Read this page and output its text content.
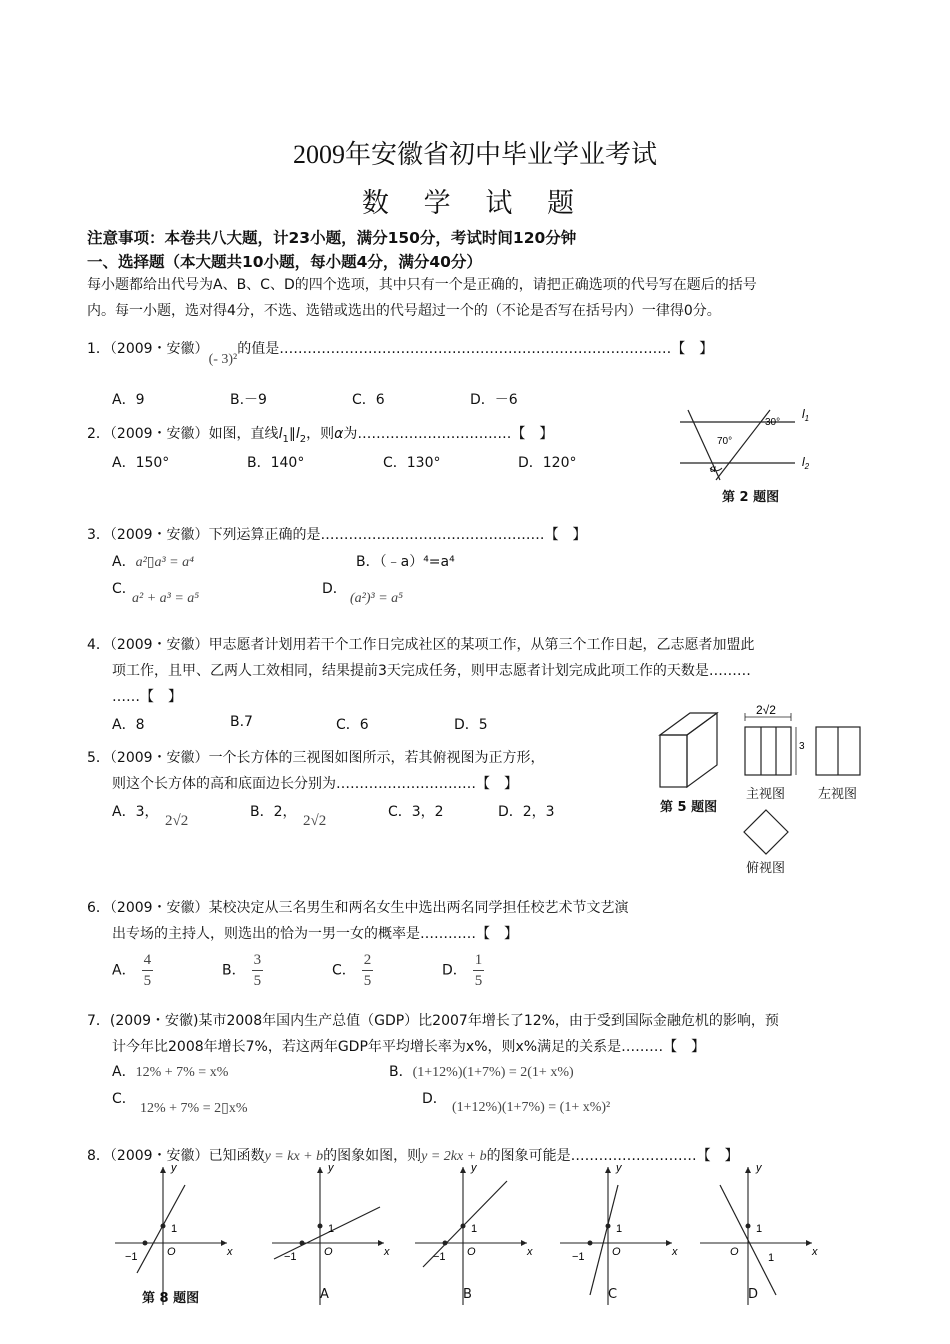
2009年安徽省初中毕业学业考试
数 学 试 题
注意事项：本卷共八大题，计23小题，满分150分，考试时间120分钟
一、选择题（本大题共10小题，每小题4分，满分40分）
每小题都给出代号为A、B、C、D的四个选项，其中只有一个是正确的，请把正确选项的代号写在题后的括号
内。每一小题，选对得4分，不选、选错或选出的代号超过一个的（不论是否写在括号内）一律得0分。
1．（2009・安徽）(- 3)²的值是…………………………………………………………………………【　】
A．9	B.－9	C．6	D．－6
2．（2009・安徽）如图，直线$l_1\parallel l_2$，则α为……………………………【　】
A．150°	B．140°	C．130°	D．120°
70°
30°
α
$l_1$
$l_2$
第 2 题图
3．（2009・安徽）下列运算正确的是…………………………………………【　】
A．a²▯a³ = a⁴	B．（﹣a）⁴=a⁴
C．
a² + a³ = a⁵
D．
(a²)³ = a⁵
4．（2009・安徽）甲志愿者计划用若干个工作日完成社区的某项工作，从第三个工作日起，乙志愿者加盟此
项工作，且甲、乙两人工效相同，结果提前3天完成任务，则甲志愿者计划完成此项工作的天数是………
……【　】
A．8	B.7	C．6	D．5
5．（2009・安徽）一个长方体的三视图如图所示，若其俯视图为正方形，
则这个长方体的高和底面边长分别为…………………………【　】
A．3，
2√2
B．2，
2√2
C．3，2	D．2，3
2√2
3
第 5 题图
主视图	左视图
俯视图
6．（2009・安徽）某校决定从三名男生和两名女生中选出两名同学担任校艺术节文艺演
出专场的主持人，则选出的恰为一男一女的概率是…………【　】
A． $\frac{4}{5}$	B． $\frac{3}{5}$	C． $\frac{2}{5}$	D． $\frac{1}{5}$
7．(2009・安徽)某市2008年国内生产总值（GDP）比2007年增长了12%，由于受到国际金融危机的影响，预
计今年比2008年增长7%，若这两年GDP年平均增长率为x%，则x%满足的关系是………【　】
A．12% + 7% = x%	B．(1+12%)(1+7%) = 2(1+ x%)
C．
12% + 7% = 2▯x%
D．
(1+12%)(1+7%) = (1+ x%)²
8．（2009・安徽）已知函数y = kx + b的图象如图，则y = 2kx + b的图象可能是………………………【　】
y
x
O
1
−1
第 8 题图
y
x
O
1
−1
A
y
x
O
1
−1
B
y
x
O
1
−1
C
y
x
O
1
1
D
